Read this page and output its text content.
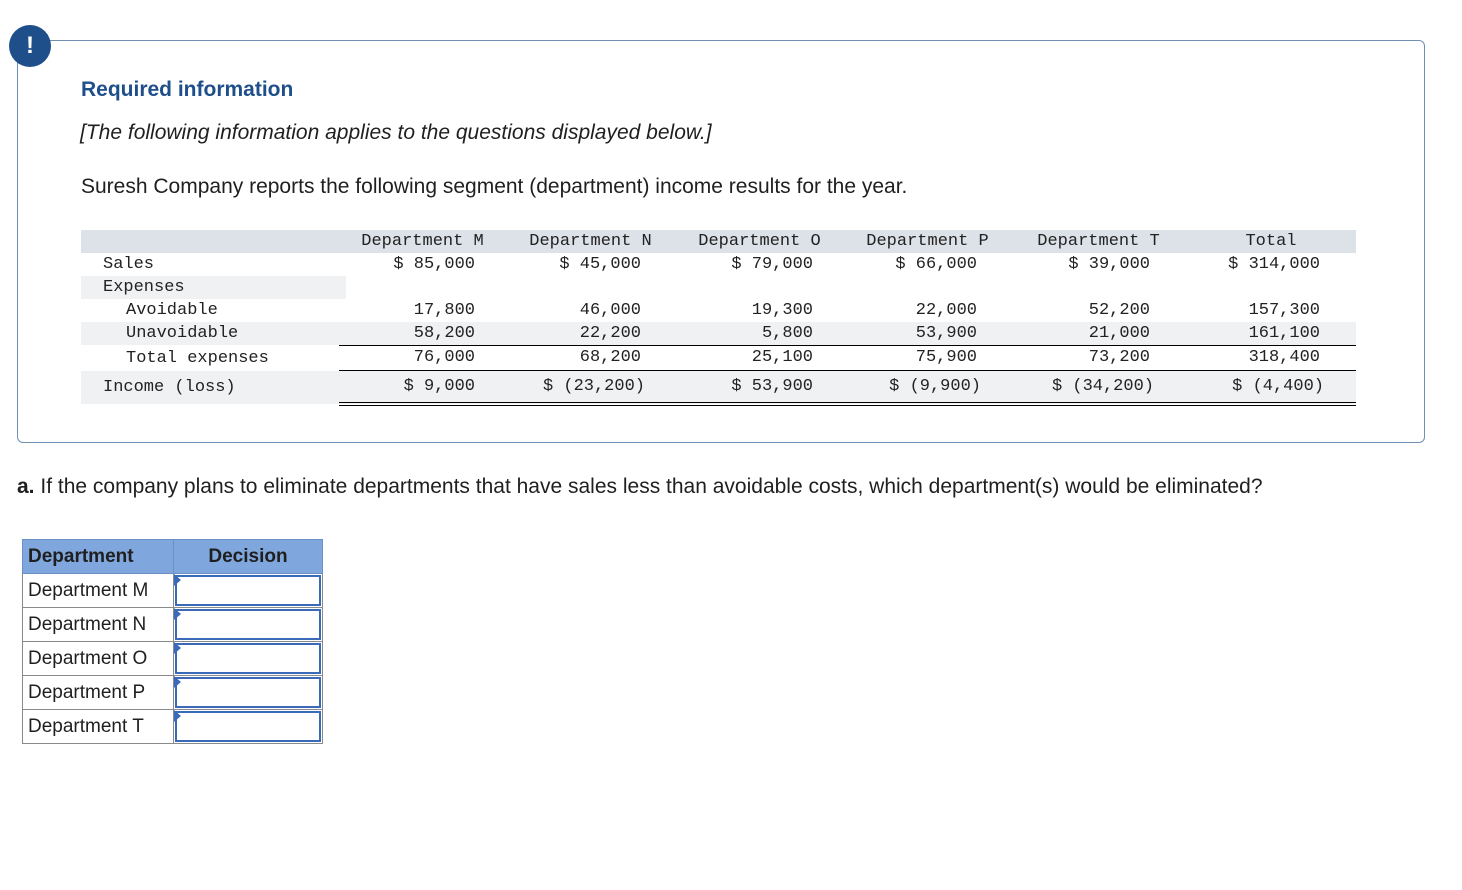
!
Required information
[The following information applies to the questions displayed below.]
Suresh Company reports the following segment (department) income results for the year.
Department M	Department N	Department O	Department P	Department T	Total
Sales	$ 85,000	$ 45,000	$ 79,000	$ 66,000	$ 39,000	$ 314,000
Expenses
Avoidable	17,800	46,000	19,300	22,000	52,200	157,300
Unavoidable	58,200	22,200	5,800	53,900	21,000	161,100
Total expenses	76,000	68,200	25,100	75,900	73,200	318,400
Income (loss)	$ 9,000	$ (23,200)	$ 53,900	$ (9,900)	$ (34,200)	$ (4,400)
a. If the company plans to eliminate departments that have sales less than avoidable costs, which department(s) would be eliminated?
Department	Decision
Department M	

Department N	

Department O	

Department P	

Department T	
